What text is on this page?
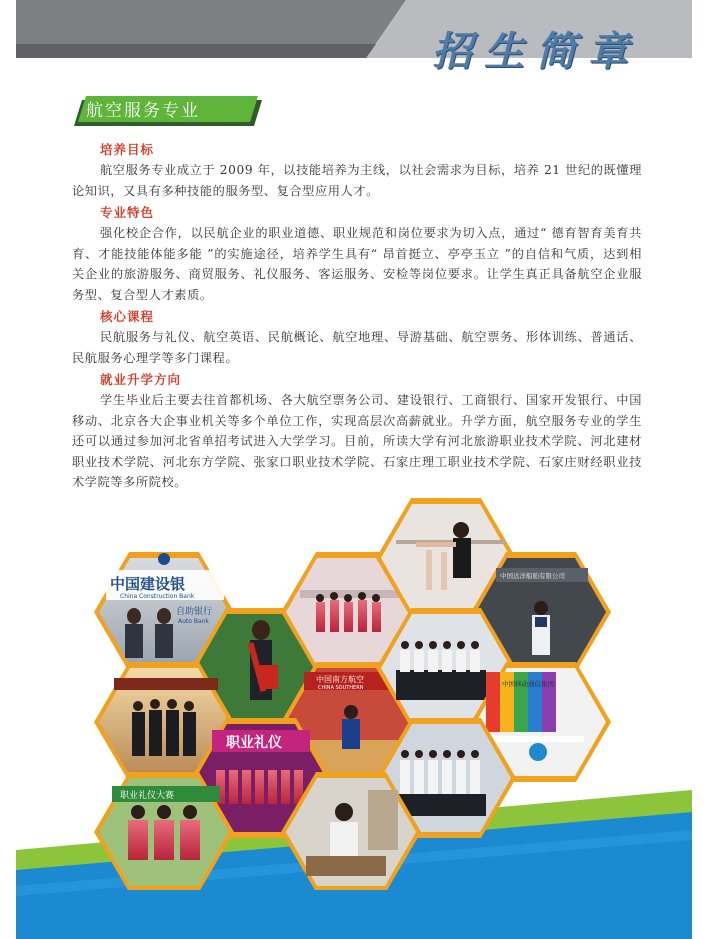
招生简章
航空服务专业
培养目标

航空服务专业成立于 2009 年，以技能培养为主线，以社会需求为目标，培养 21 世纪的既懂理论知识，又具有多种技能的服务型、复合型应用人才。

专业特色

强化校企合作，以民航企业的职业道德、职业规范和岗位要求为切入点，通过“ 德育智育美育共育、才能技能体能多能 ”的实施途径，培养学生具有“ 昂首挺立、亭亭玉立 ”的自信和气质，达到相关企业的旅游服务、商贸服务、礼仪服务、客运服务、安检等岗位要求。让学生真正具备航空企业服务型、复合型人才素质。

核心课程

民航服务与礼仪、航空英语、民航概论、航空地理、导游基础、航空票务、形体训练、普通话、民航服务心理学等多门课程。

就业升学方向

学生毕业后主要去往首都机场、各大航空票务公司、建设银行、工商银行、国家开发银行、中国移动、北京各大企事业机关等多个单位工作，实现高层次高薪就业。升学方面，航空服务专业的学生还可以通过参加河北省单招考试进入大学学习。目前，所读大学有河北旅游职业技术学院、河北建材职业技术学院、河北东方学院、张家口职业技术学院、石家庄理工职业技术学院、石家庄财经职业技术学院等多所院校。

中国建设银
China Construction Bank
自助银行
Auto Bank
中国远洋船舶有限公司
中国南方航空
CHINA SOUTHERN	中国移动通信集团
职业礼仪
职业礼仪大赛
